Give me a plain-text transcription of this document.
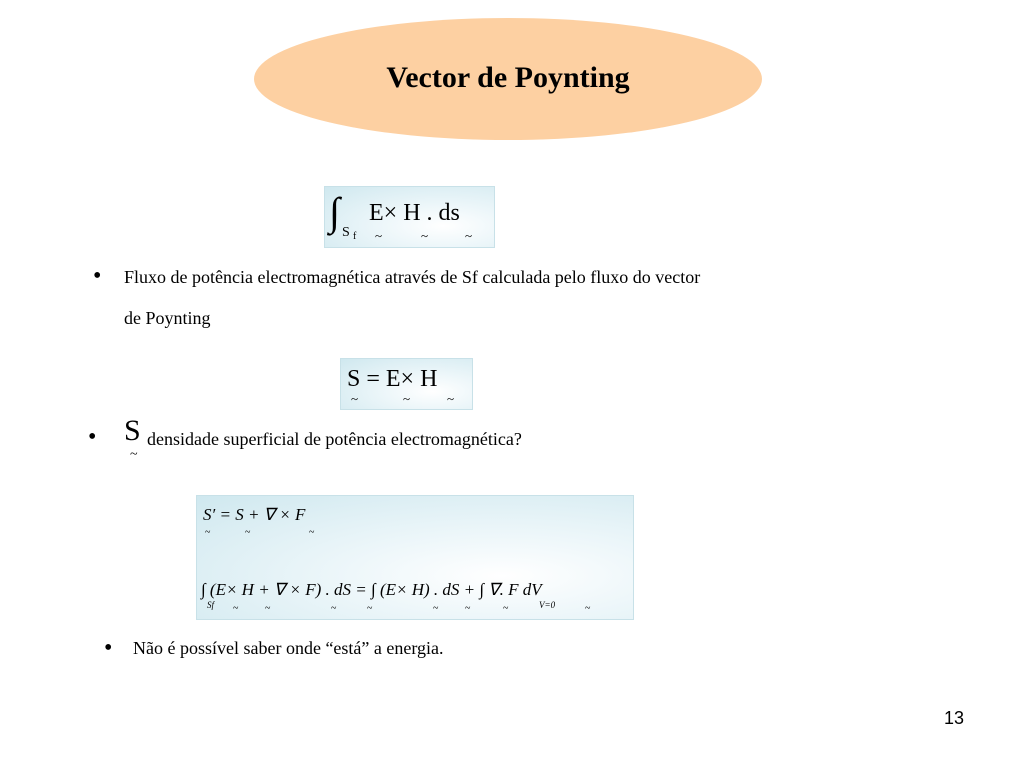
Vector de Poynting
∫ S f
E× H . ds
~	~	~
• Fluxo de potência electromagnética através de Sf calculada pelo fluxo do vector
de Poynting
S = E× H
~	~	~
• S
~
densidade superficial de potência electromagnética?
S′ = S + ∇ × F
~	~	~
∫ (E× H + ∇ × F) . dS = ∫ (E× H) . dS + ∫ ∇. F dV
Sf	V=0
~	~	~	~	~	~	~	~
• Não é possível saber onde “está” a energia.
13
